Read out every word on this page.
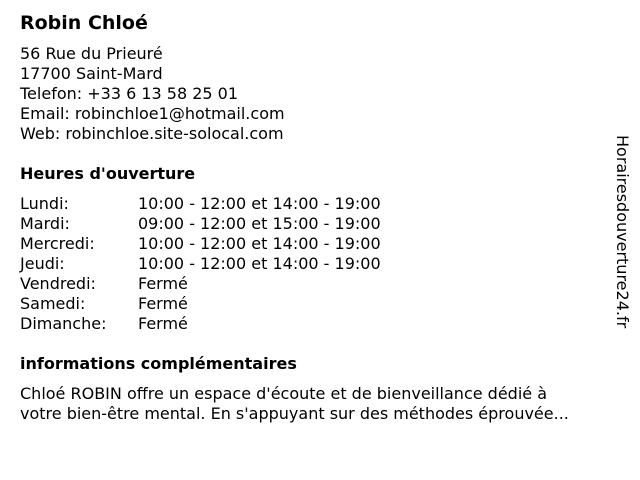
Robin Chloé
56 Rue du Prieuré
17700 Saint-Mard
Telefon: +33 6 13 58 25 01
Email: robinchloe1@hotmail.com
Web: robinchloe.site-solocal.com
Heures d'ouverture
Lundi:	10:00 - 12:00 et 14:00 - 19:00
Mardi:	09:00 - 12:00 et 15:00 - 19:00
Mercredi:	10:00 - 12:00 et 14:00 - 19:00
Jeudi:	10:00 - 12:00 et 14:00 - 19:00
Vendredi:	Fermé
Samedi:	Fermé
Dimanche:	Fermé
informations complémentaires
Chloé ROBIN offre un espace d'écoute et de bienveillance dédié à
votre bien-être mental. En s'appuyant sur des méthodes éprouvée...
Horairesdouverture24.fr
